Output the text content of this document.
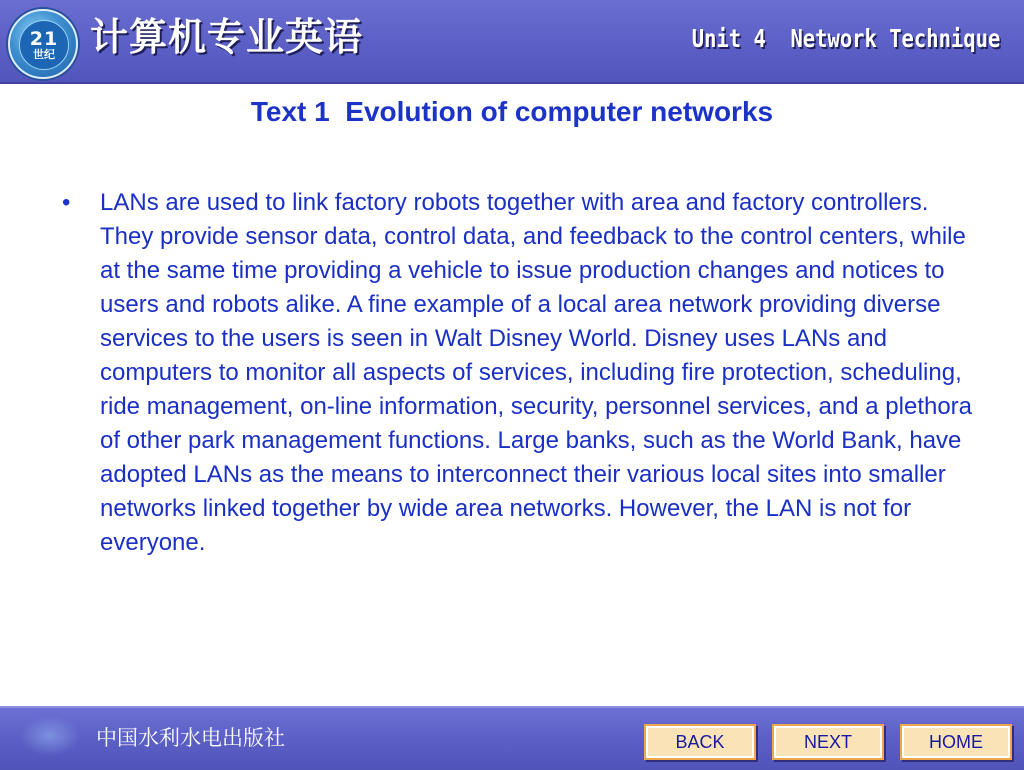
21
世纪 计算机专业英语	Unit 4  Network Technique
Text 1  Evolution of computer networks
•	LANs are used to link factory robots together with area and factory controllers. They provide sensor data, control data, and feedback to the control centers, while at the same time providing a vehicle to issue production changes and notices to users and robots alike. A fine example of a local area network providing diverse services to the users is seen in Walt Disney World. Disney uses LANs and computers to monitor all aspects of services, including fire protection, scheduling, ride management, on-line information, security, personnel services, and a plethora of other park management functions. Large banks, such as the World Bank, have adopted LANs as the means to interconnect their various local sites into smaller networks linked together by wide area networks. However, the LAN is not for everyone.
中国水利水电出版社	BACK	NEXT	HOME
